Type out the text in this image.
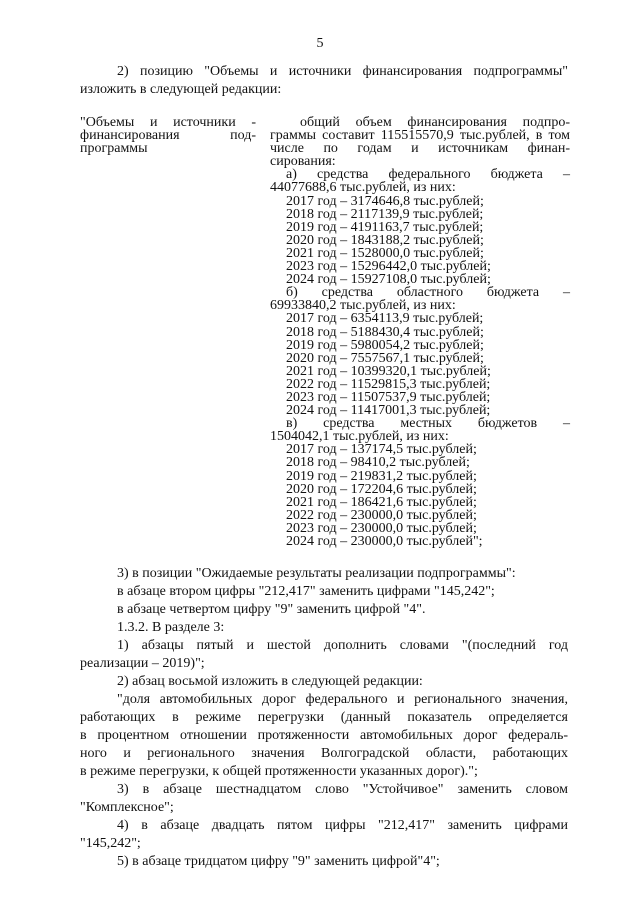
5
2) позицию "Объемы и источники финансирования подпрограммы"
изложить в следующей редакции:
"Объемы и источники -
финансирования под-
программы
общий объем финансирования подпро-
граммы составит 115515570,9 тыс.рублей, в том
числе по годам и источникам финан-
сирования:
а) средства федерального бюджета –
44077688,6 тыс.рублей, из них:
2017 год – 3174646,8 тыс.рублей;
2018 год – 2117139,9 тыс.рублей;
2019 год – 4191163,7 тыс.рублей;
2020 год – 1843188,2 тыс.рублей;
2021 год – 1528000,0 тыс.рублей;
2023 год – 15296442,0 тыс.рублей;
2024 год – 15927108,0 тыс.рублей;
б) средства областного бюджета –
69933840,2 тыс.рублей, из них:
2017 год – 6354113,9 тыс.рублей;
2018 год – 5188430,4 тыс.рублей;
2019 год – 5980054,2 тыс.рублей;
2020 год – 7557567,1 тыс.рублей;
2021 год – 10399320,1 тыс.рублей;
2022 год – 11529815,3 тыс.рублей;
2023 год – 11507537,9 тыс.рублей;
2024 год – 11417001,3 тыс.рублей;
в) средства местных бюджетов –
1504042,1 тыс.рублей, из них:
2017 год – 137174,5 тыс.рублей;
2018 год – 98410,2 тыс.рублей;
2019 год – 219831,2 тыс.рублей;
2020 год – 172204,6 тыс.рублей;
2021 год – 186421,6 тыс.рублей;
2022 год – 230000,0 тыс.рублей;
2023 год – 230000,0 тыс.рублей;
2024 год – 230000,0 тыс.рублей";
3) в позиции "Ожидаемые результаты реализации подпрограммы":
в абзаце втором цифры "212,417" заменить цифрами "145,242";
в абзаце четвертом цифру "9" заменить цифрой "4".
1.3.2. В разделе 3:
1) абзацы пятый и шестой дополнить словами "(последний год
реализации – 2019)";
2) абзац восьмой изложить в следующей редакции:
"доля автомобильных дорог федерального и регионального значения,
работающих в режиме перегрузки (данный показатель определяется
в процентном отношении протяженности автомобильных дорог федераль-
ного и регионального значения Волгоградской области, работающих
в режиме перегрузки, к общей протяженности указанных дорог).";
3) в абзаце шестнадцатом слово "Устойчивое" заменить словом
"Комплексное";
4) в абзаце двадцать пятом цифры "212,417" заменить цифрами
"145,242";
5) в абзаце тридцатом цифру "9" заменить цифрой"4";
